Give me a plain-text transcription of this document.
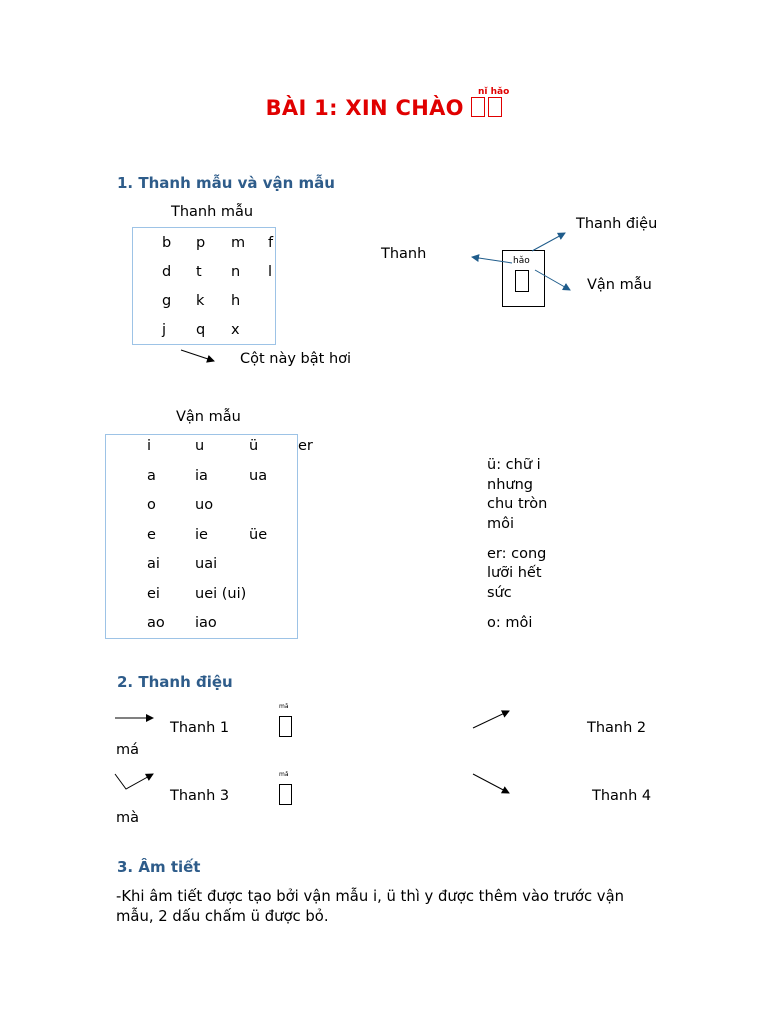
nǐ hǎo
BÀI 1: XIN CHÀO
1. Thanh mẫu và vận mẫu
Thanh mẫu
b p m f
d t n l
g k h
j q x
Cột này bật hơi
Thanh
Thanh điệu
Vận mẫu
hǎo
Vận mẫu
i	u	ü	er
a	ia	ua
o	uo
e	ie	üe
ai uai
ei uei (ui)
ao iao
ü: chữ i
nhưng
chu tròn
môi
er: cong
lưỡi hết
sức
o: môi
2. Thanh điệu
Thanh 1
mā
Thanh 2
má
Thanh 3
mǎ
Thanh 4
mà
3. Âm tiết
-Khi âm tiết được tạo bởi vận mẫu i, ü thì y được thêm vào trước vận
mẫu, 2 dấu chấm ü được bỏ.
